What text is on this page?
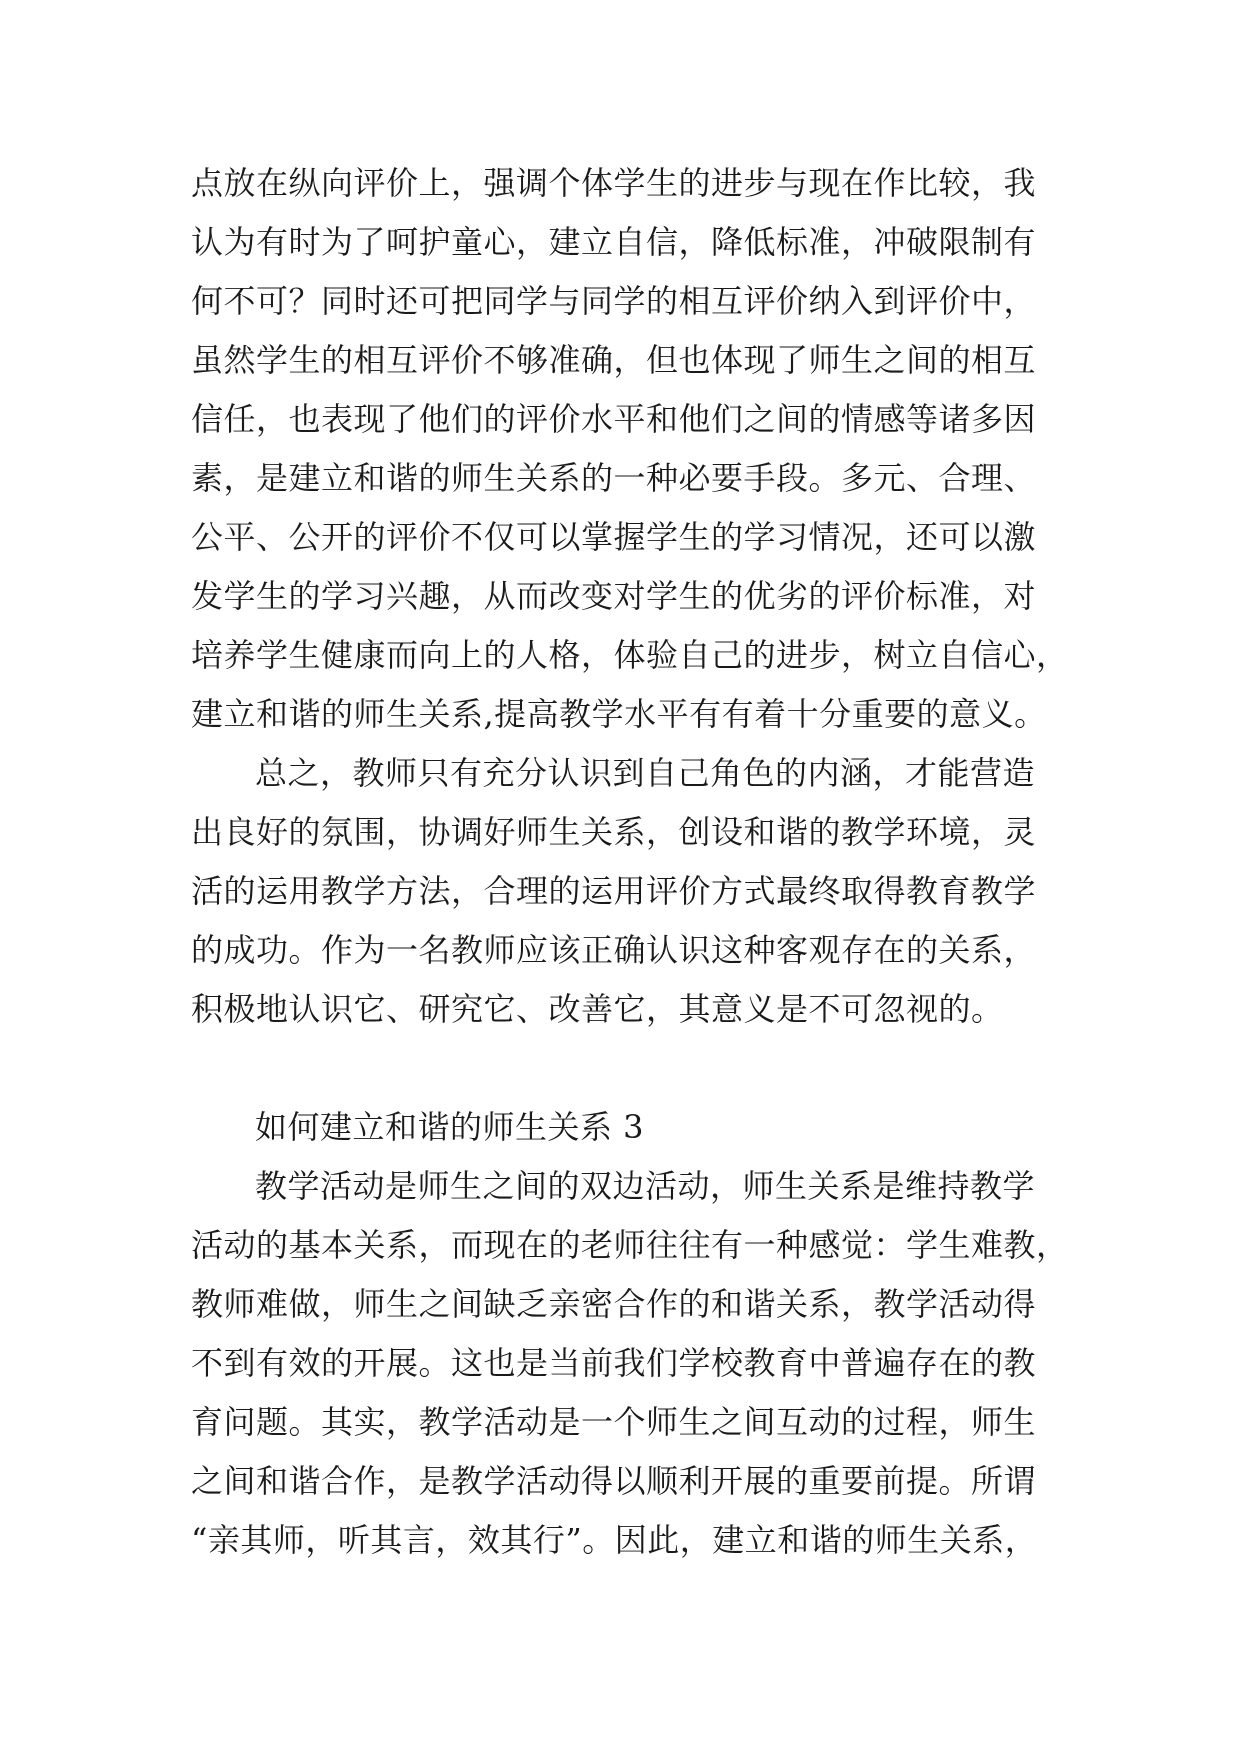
点放在纵向评价上，强调个体学生的进步与现在作比较，我
认为有时为了呵护童心，建立自信，降低标准，冲破限制有
何不可？同时还可把同学与同学的相互评价纳入到评价中，
虽然学生的相互评价不够准确，但也体现了师生之间的相互
信任，也表现了他们的评价水平和他们之间的情感等诸多因
素，是建立和谐的师生关系的一种必要手段。多元、合理、
公平、公开的评价不仅可以掌握学生的学习情况，还可以激
发学生的学习兴趣，从而改变对学生的优劣的评价标准，对
培养学生健康而向上的人格，体验自己的进步，树立自信心，
建立和谐的师生关系,提高教学水平有有着十分重要的意义。
总之，教师只有充分认识到自己角色的内涵，才能营造
出良好的氛围，协调好师生关系，创设和谐的教学环境，灵
活的运用教学方法，合理的运用评价方式最终取得教育教学
的成功。作为一名教师应该正确认识这种客观存在的关系，
积极地认识它、研究它、改善它，其意义是不可忽视的。
如何建立和谐的师生关系 3
教学活动是师生之间的双边活动，师生关系是维持教学
活动的基本关系，而现在的老师往往有一种感觉：学生难教，
教师难做，师生之间缺乏亲密合作的和谐关系，教学活动得
不到有效的开展。这也是当前我们学校教育中普遍存在的教
育问题。其实，教学活动是一个师生之间互动的过程，师生
之间和谐合作，是教学活动得以顺利开展的重要前提。所谓
“亲其师，听其言，效其行”。因此，建立和谐的师生关系，
